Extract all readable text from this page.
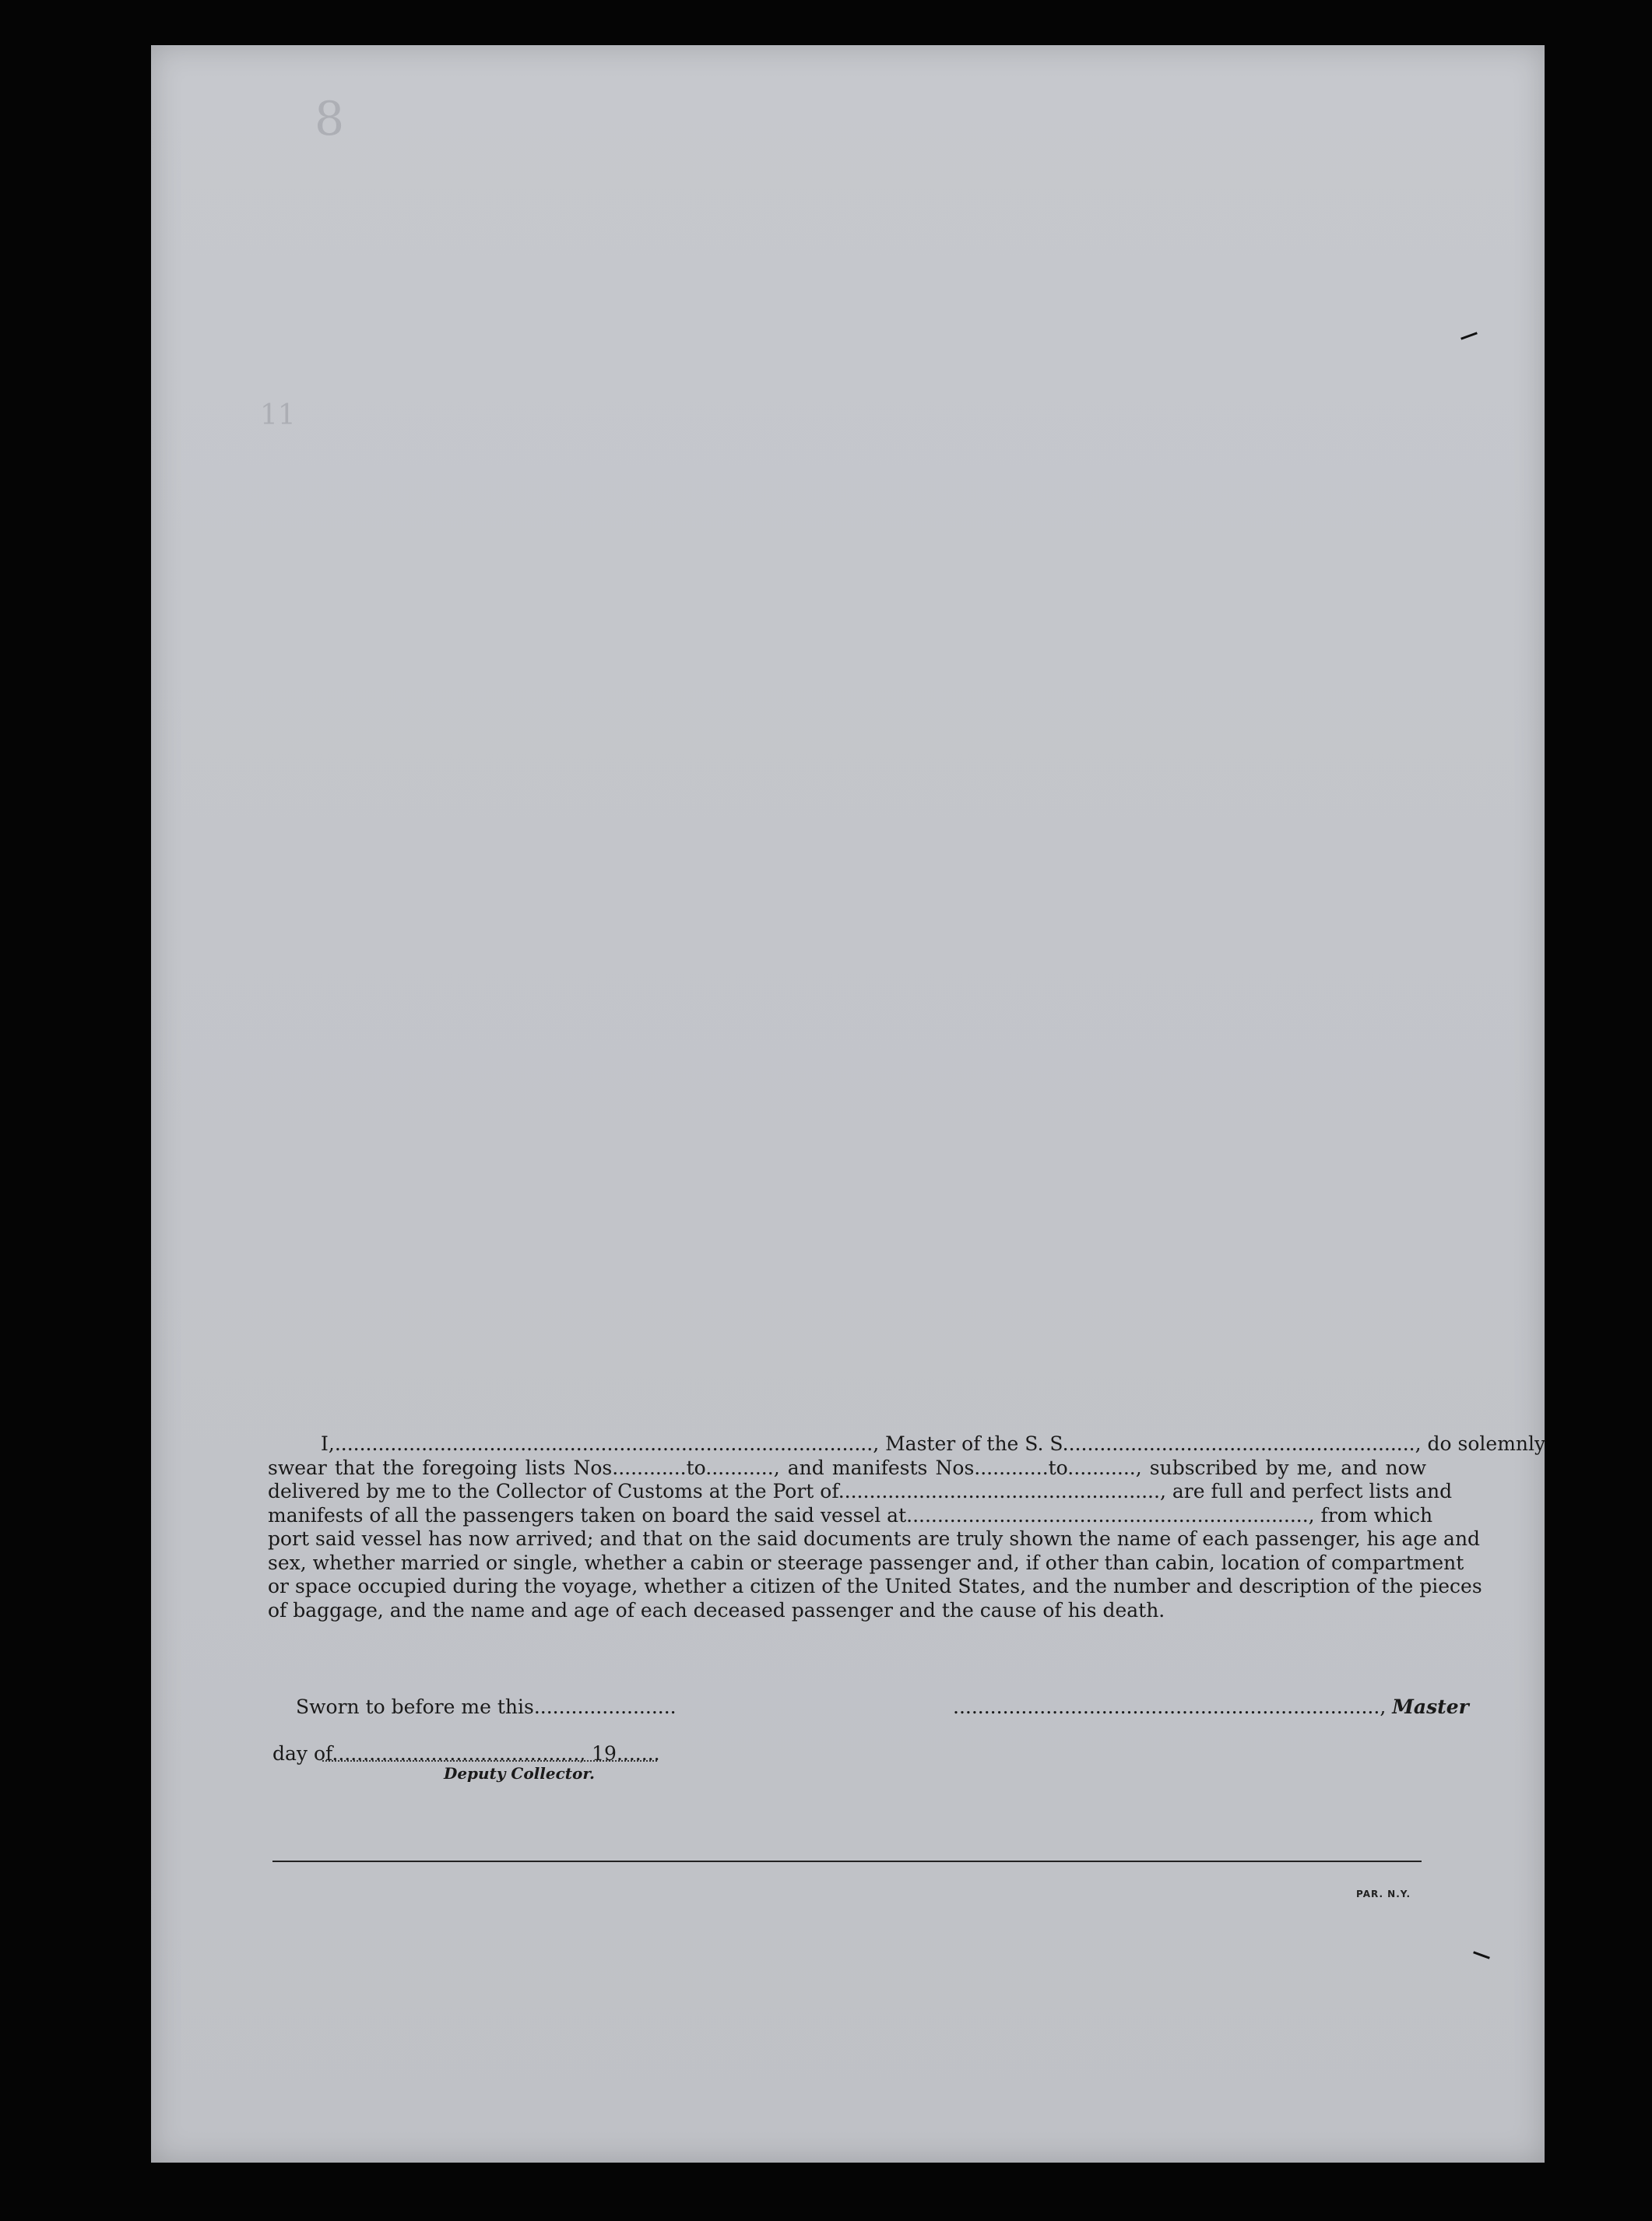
8
11
I,......................................................................................., Master of the S. S........................................................., do solemnly
swear that the foregoing lists Nos............to..........., and manifests Nos............to..........., subscribed by me, and now
delivered by me to the Collector of Customs at the Port of...................................................., are full and perfect lists and
manifests of all the passengers taken on board the said vessel at................................................................., from which
port said vessel has now arrived; and that on the said documents are truly shown the name of each passenger, his age and
sex, whether married or single, whether a cabin or steerage passenger and, if other than cabin, location of compartment
or space occupied during the voyage, whether a citizen of the United States, and the number and description of the pieces
of baggage, and the name and age of each deceased passenger and the cause of his death.
Sworn to before me this.......................	....................................................................., Master
day of........................................, 19.......
Deputy Collector.
PAR. N.Y.
